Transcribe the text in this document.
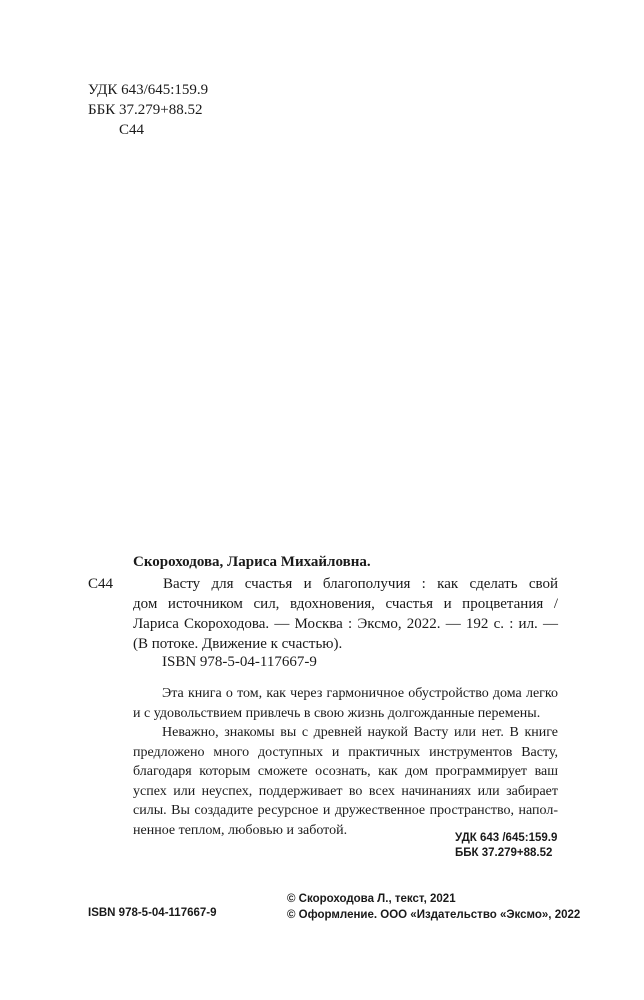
УДК 643/645:159.9
ББК 37.279+88.52
С44
Скороходова, Лариса Михайловна.
С44	Васту для счастья и благополучия : как сделать свой
дом источником сил, вдохновения, счастья и процветания /
Лариса Скороходова. — Москва : Эксмо, 2022. — 192 с. : ил. —
(В потоке. Движение к счастью).
ISBN 978-5-04-117667-9
Эта книга о том, как через гармоничное обустройство дома легко
и с удовольствием привлечь в свою жизнь долгожданные перемены.
Неважно, знакомы вы с древней наукой Васту или нет. В книге
предложено много доступных и практичных инструментов Васту,
благодаря которым сможете осознать, как дом программирует ваш
успех или неуспех, поддерживает во всех начинаниях или забирает
силы. Вы создадите ресурсное и дружественное пространство, напол-
ненное теплом, любовью и заботой.
УДК 643 /645:159.9
ББК 37.279+88.52
ISBN 978-5-04-117667-9
© Скороходова Л., текст, 2021
© Оформление. ООО «Издательство «Эксмо», 2022
